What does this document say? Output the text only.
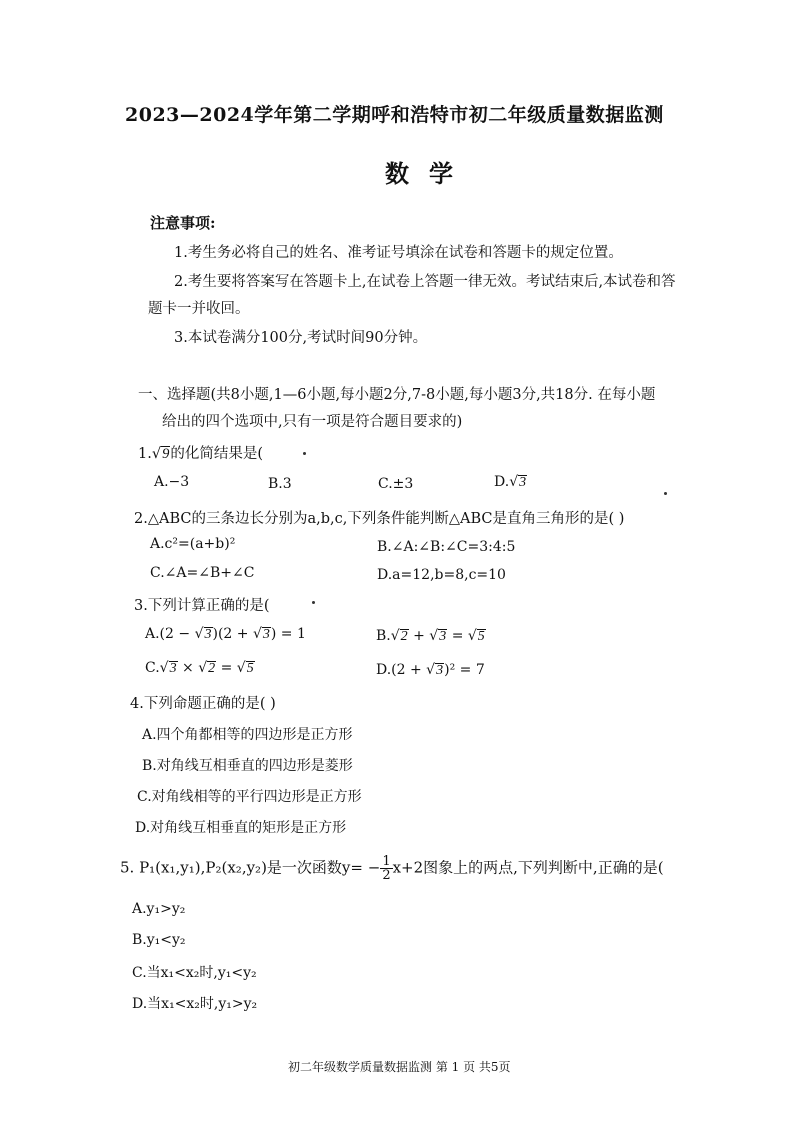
2023—2024学年第二学期呼和浩特市初二年级质量数据监测
数学
注意事项:
1.考生务必将自己的姓名、准考证号填涂在试卷和答题卡的规定位置。
2.考生要将答案写在答题卡上,在试卷上答题一律无效。考试结束后,本试卷和答
题卡一并收回。
3.本试卷满分100分,考试时间90分钟。
一、选择题(共8小题,1—6小题,每小题2分,7-8小题,每小题3分,共18分. 在每小题
给出的四个选项中,只有一项是符合题目要求的)
1.√9的化简结果是(
A.−3	B.3	C.±3	D.√3
2.△ABC的三条边长分别为a,b,c,下列条件能判断△ABC是直角三角形的是( )
A.c²=(a+b)²	B.∠A:∠B:∠C=3:4:5
C.∠A=∠B+∠C	D.a=12,b=8,c=10
3.下列计算正确的是(
A.(2 − √3)(2 + √3) = 1	B.√2 + √3 = √5
C.√3 × √2 = √5	D.(2 + √3)² = 7
4.下列命题正确的是( )
A.四个角都相等的四边形是正方形
B.对角线互相垂直的四边形是菱形
C.对角线相等的平行四边形是正方形
D.对角线互相垂直的矩形是正方形
5. P₁(x₁,y₁),P₂(x₂,y₂)是一次函数$y= - \frac{1}{2} x+2$图象上的两点,下列判断中,正确的是(
A.y₁>y₂
B.y₁<y₂
C.当x₁<x₂时,y₁<y₂
D.当x₁<x₂时,y₁>y₂
初二年级数学质量数据监测 第 1 页 共5页
